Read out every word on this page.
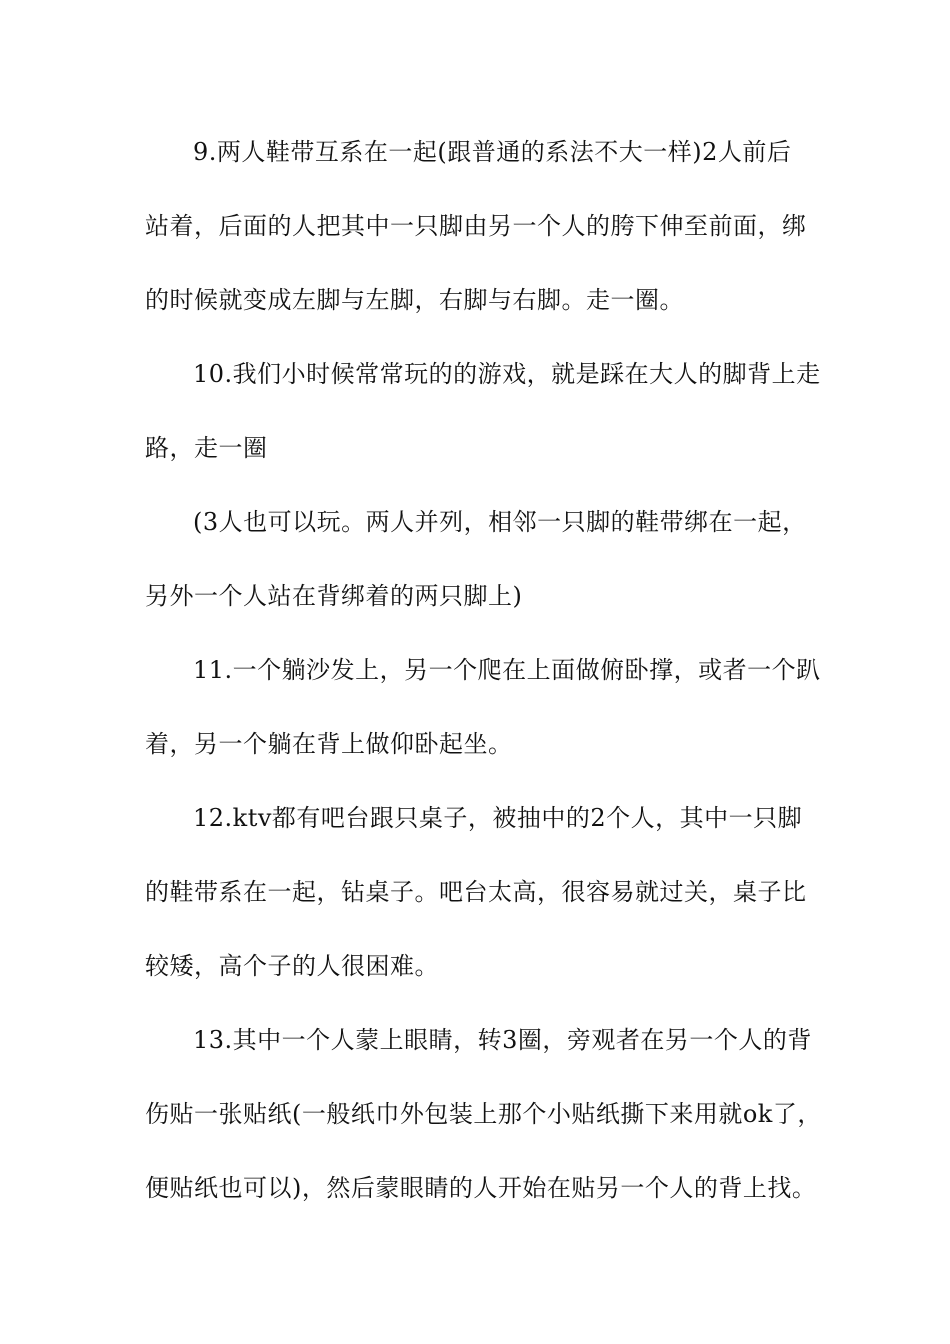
9.两人鞋带互系在一起(跟普通的系法不大一样)2人前后
站着，后面的人把其中一只脚由另一个人的胯下伸至前面，绑
的时候就变成左脚与左脚，右脚与右脚。走一圈。
10.我们小时候常常玩的的游戏，就是踩在大人的脚背上走
路，走一圈
(3人也可以玩。两人并列，相邻一只脚的鞋带绑在一起，
另外一个人站在背绑着的两只脚上)
11.一个躺沙发上，另一个爬在上面做俯卧撑，或者一个趴
着，另一个躺在背上做仰卧起坐。
12.ktv都有吧台跟只桌子，被抽中的2个人，其中一只脚
的鞋带系在一起，钻桌子。吧台太高，很容易就过关，桌子比
较矮，高个子的人很困难。
13.其中一个人蒙上眼睛，转3圈，旁观者在另一个人的背
伤贴一张贴纸(一般纸巾外包装上那个小贴纸撕下来用就ok了，
便贴纸也可以)，然后蒙眼睛的人开始在贴另一个人的背上找。
